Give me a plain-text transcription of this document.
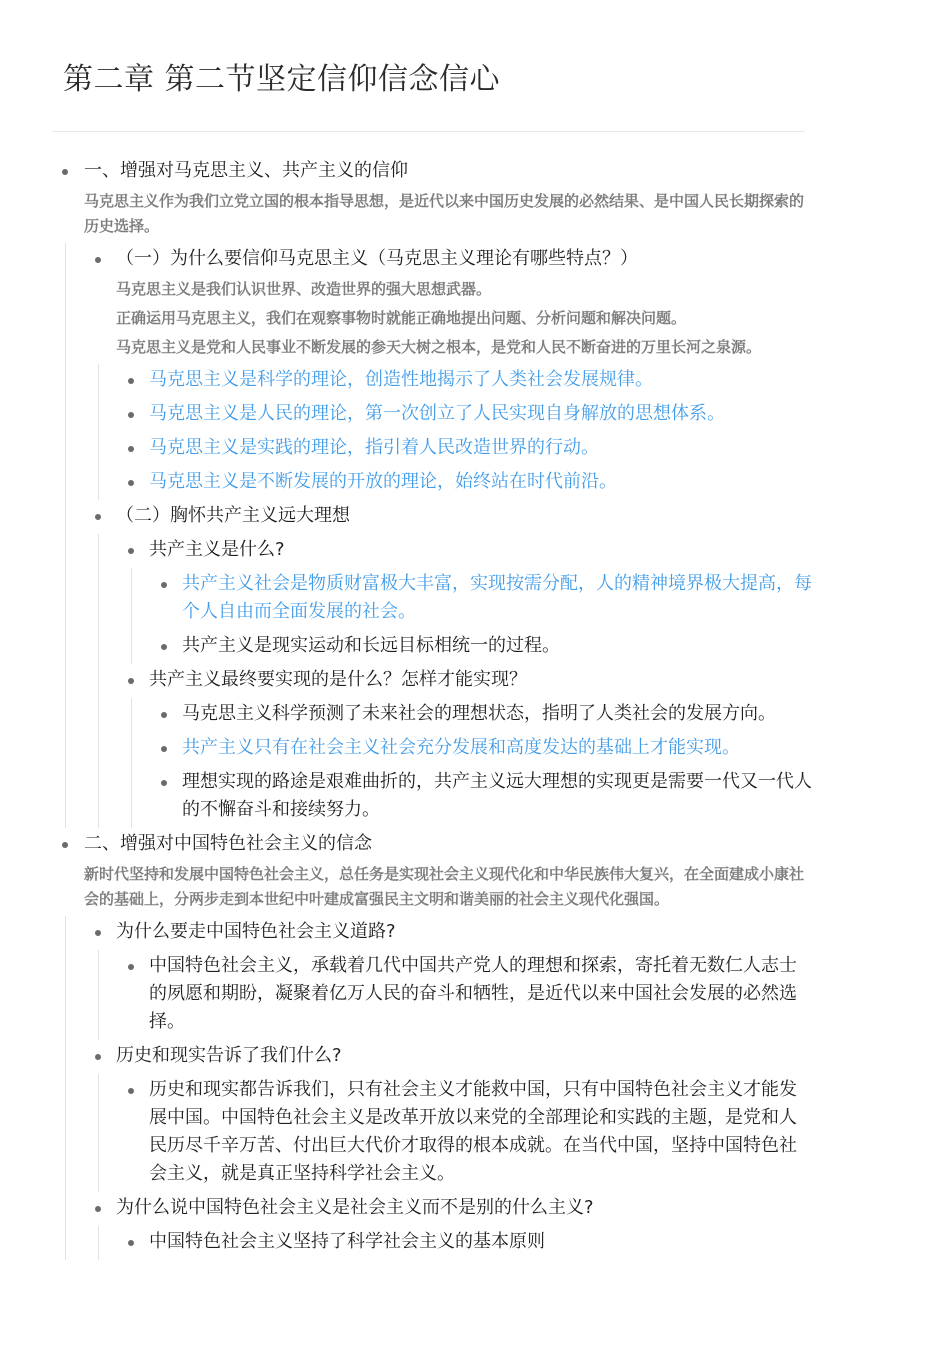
第二章 第二节坚定信仰信念信心
一、增强对马克思主义、共产主义的信仰
马克思主义作为我们立党立国的根本指导思想，是近代以来中国历史发展的必然结果、是中国人民长期探索的历史选择。
（一）为什么要信仰马克思主义（马克思主义理论有哪些特点？）
马克思主义是我们认识世界、改造世界的强大思想武器。
正确运用马克思主义，我们在观察事物时就能正确地提出问题、分析问题和解决问题。
马克思主义是党和人民事业不断发展的参天大树之根本，是党和人民不断奋进的万里长河之泉源。
马克思主义是科学的理论，创造性地揭示了人类社会发展规律。
马克思主义是人民的理论，第一次创立了人民实现自身解放的思想体系。
马克思主义是实践的理论，指引着人民改造世界的行动。
马克思主义是不断发展的开放的理论，始终站在时代前沿。
（二）胸怀共产主义远大理想
共产主义是什么?
共产主义社会是物质财富极大丰富，实现按需分配，人的精神境界极大提高，每个人自由而全面发展的社会。
共产主义是现实运动和长远目标相统一的过程。
共产主义最终要实现的是什么？怎样才能实现？
马克思主义科学预测了未来社会的理想状态，指明了人类社会的发展方向。
共产主义只有在社会主义社会充分发展和高度发达的基础上才能实现。
理想实现的路途是艰难曲折的，共产主义远大理想的实现更是需要一代又一代人的不懈奋斗和接续努力。
二、增强对中国特色社会主义的信念
新时代坚持和发展中国特色社会主义，总任务是实现社会主义现代化和中华民族伟大复兴，在全面建成小康社会的基础上，分两步走到本世纪中叶建成富强民主文明和谐美丽的社会主义现代化强国。
为什么要走中国特色社会主义道路?
中国特色社会主义，承载着几代中国共产党人的理想和探索，寄托着无数仁人志士的夙愿和期盼，凝聚着亿万人民的奋斗和牺牲，是近代以来中国社会发展的必然选择。
历史和现实告诉了我们什么?
历史和现实都告诉我们，只有社会主义才能救中国，只有中国特色社会主义才能发展中国。中国特色社会主义是改革开放以来党的全部理论和实践的主题，是党和人民历尽千辛万苦、付出巨大代价才取得的根本成就。在当代中国，坚持中国特色社会主义，就是真正坚持科学社会主义。
为什么说中国特色社会主义是社会主义而不是别的什么主义?
中国特色社会主义坚持了科学社会主义的基本原则
